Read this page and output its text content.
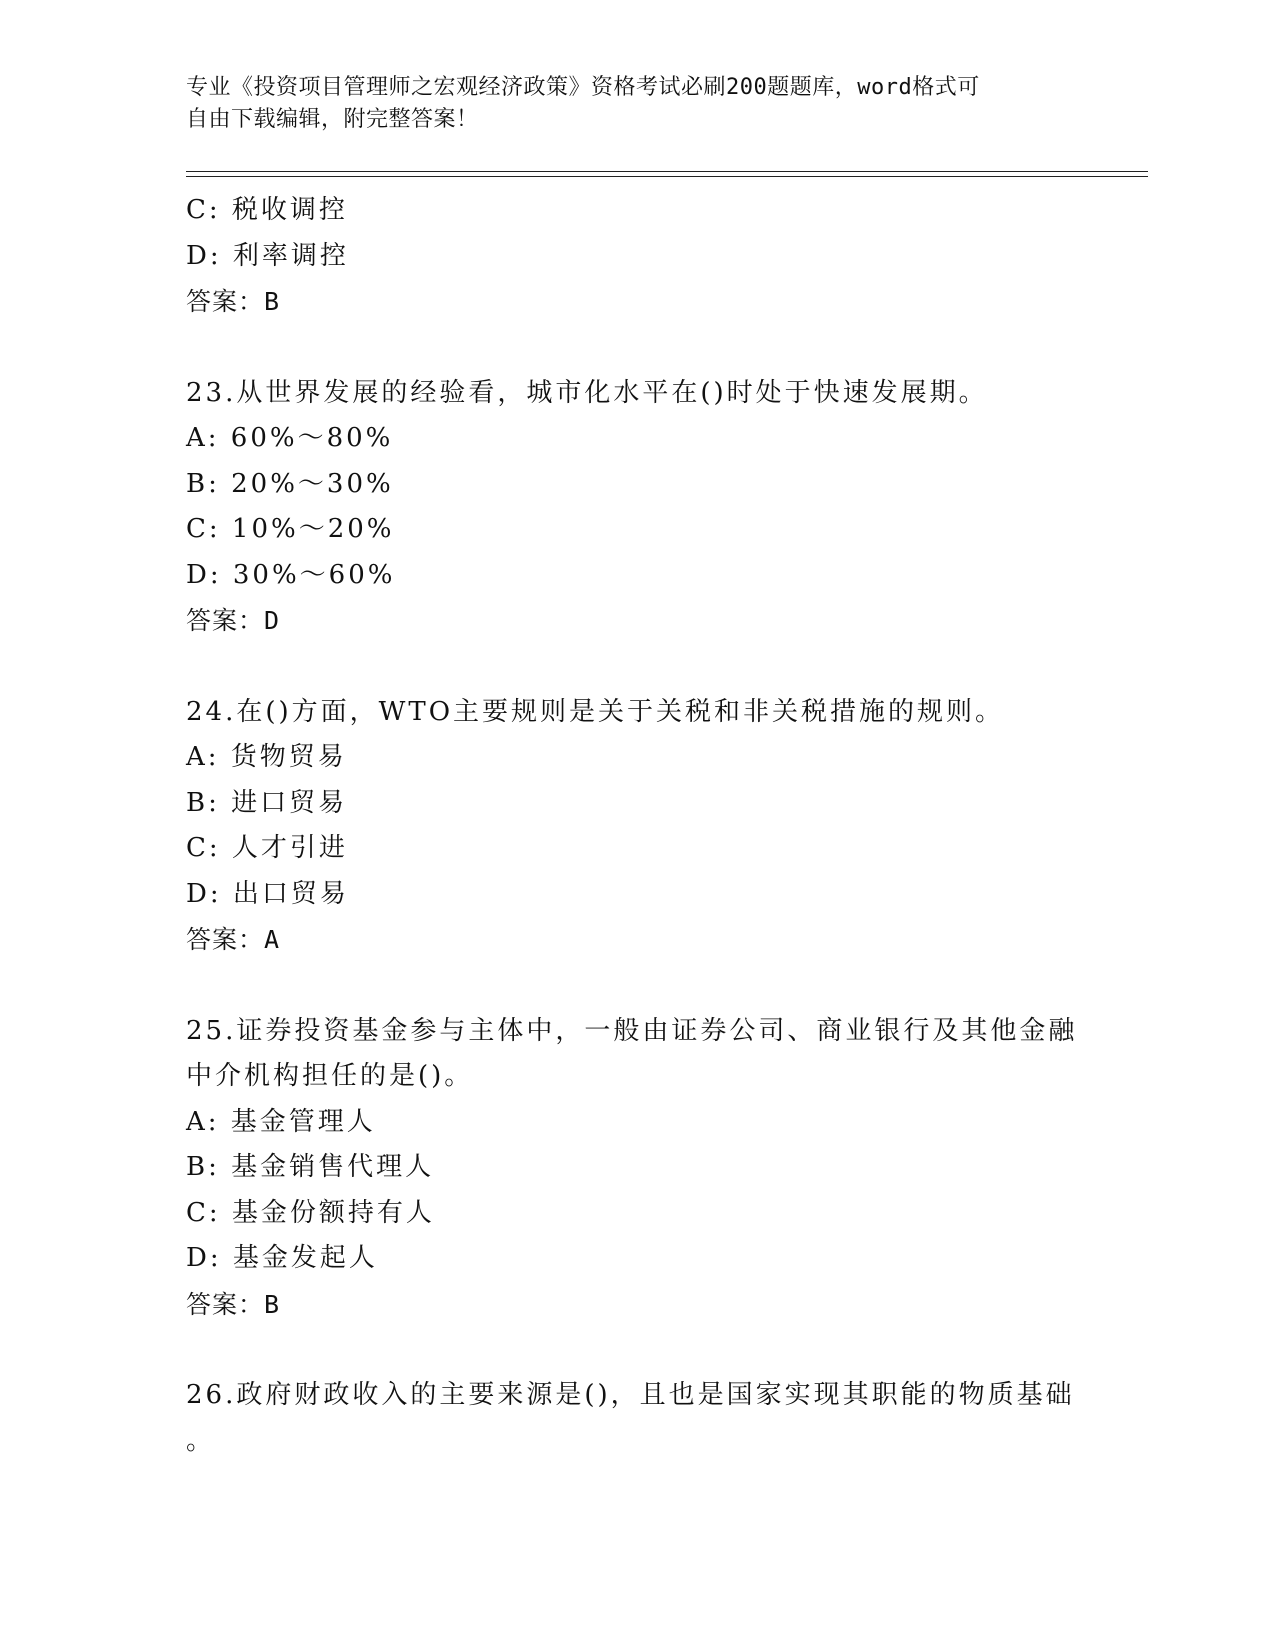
专业《投资项目管理师之宏观经济政策》资格考试必刷200题题库，word格式可
自由下载编辑，附完整答案！
C: 税收调控
D: 利率调控
答案：B
23.从世界发展的经验看，城市化水平在()时处于快速发展期。
A: 60%～80%
B: 20%～30%
C: 10%～20%
D: 30%～60%
答案：D
24.在()方面，WTO主要规则是关于关税和非关税措施的规则。
A: 货物贸易
B: 进口贸易
C: 人才引进
D: 出口贸易
答案：A
25.证券投资基金参与主体中，一般由证券公司、商业银行及其他金融
中介机构担任的是()。
A: 基金管理人
B: 基金销售代理人
C: 基金份额持有人
D: 基金发起人
答案：B
26.政府财政收入的主要来源是()，且也是国家实现其职能的物质基础
。
